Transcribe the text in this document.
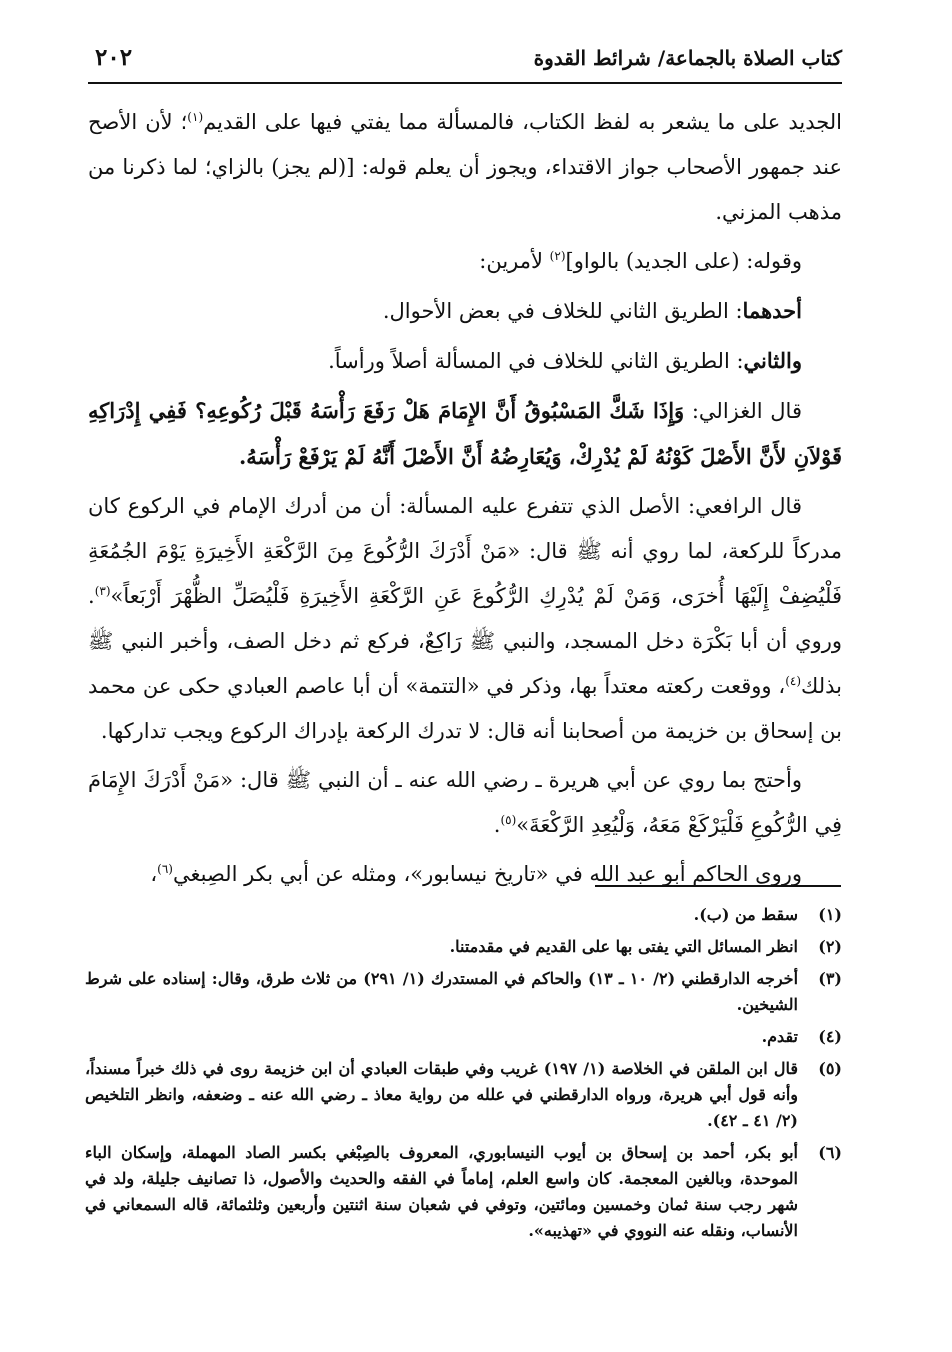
كتاب الصلاة بالجماعة/ شرائط القدوة
٢٠٢

الجديد على ما يشعر به لفظ الكتاب، فالمسألة مما يفتي فيها على القديم$^{(١)}$؛ لأن الأصح عند جمهور الأصحاب جواز الاقتداء، ويجوز أن يعلم قوله: [(لم يجز) بالزاي؛ لما ذكرنا من مذهب المزني.

وقوله: (على الجديد) بالواو]$^{(٢)}$ لأمرين:

أحدهما: الطريق الثاني للخلاف في بعض الأحوال.

والثاني: الطريق الثاني للخلاف في المسألة أصلاً ورأساً.

قال الغزالي: وَإِذَا شَكَّ المَسْبُوقُ أَنَّ الإِمَامَ هَلْ رَفَعَ رَأْسَهُ قَبْلَ رُكُوعِهِ؟ فَفِي إِدْرَاكِهِ قَوْلاَنِ لأَنَّ الأَصْلَ كَوْنُهُ لَمْ يُدْرِكْ، وَيُعَارِضُهُ أَنَّ الأَصْلَ أَنَّهُ لَمْ يَرْفَعْ رَأْسَهُ.

قال الرافعي: الأصل الذي تتفرع عليه المسألة: أن من أدرك الإمام في الركوع كان مدركاً للركعة، لما روي أنه ﷺ قال: «مَنْ أَدْرَكَ الرُّكُوعَ مِنَ الرَّكْعَةِ الأَخِيرَةِ يَوْمَ الجُمُعَةِ فَلْيُضِفْ إِلَيْهَا أُخرَى، وَمَنْ لَمْ يُدْرِكِ الرُّكُوعَ عَنِ الرَّكْعَةِ الأَخِيرَةِ فَلْيُصَلِّ الظُّهْرَ أَرْبَعاً»$^{(٣)}$. وروي أن أبا بَكْرَة دخل المسجد، والنبي ﷺ رَاكِعٌ، فركع ثم دخل الصف، وأخبر النبي ﷺ بذلك$^{(٤)}$، ووقعت ركعته معتداً بها، وذكر في «التتمة» أن أبا عاصم العبادي حكى عن محمد بن إسحاق بن خزيمة من أصحابنا أنه قال: لا تدرك الركعة بإدراك الركوع ويجب تداركها.

وأحتج بما روي عن أبي هريرة ـ رضي الله عنه ـ أن النبي ﷺ قال: «مَنْ أَدْرَكَ الإِمَامَ فِي الرُّكُوعِ فَلْيَرْكَعْ مَعَهُ، وَلْيُعِدِ الرَّكْعَةَ»$^{(٥)}$.

وروى الحاكم أبو عبد الله في «تاريخ نيسابور»، ومثله عن أبي بكر الصِبغي$^{(٦)}$،

(١)
سقط من (ب).
(٢)
انظر المسائل التي يفتى بها على القديم في مقدمتنا.
(٣)
أخرجه الدارقطني (٢/ ١٠ ـ ١٣) والحاكم في المستدرك (١/ ٢٩١) من ثلاث طرق، وقال: إسناده على شرط الشيخين.
(٤)
تقدم.
(٥)
قال ابن الملقن في الخلاصة (١/ ١٩٧) غريب وفي طبقات العبادي أن ابن خزيمة روى في ذلك خبراً مسنداً، وأنه قول أبي هريرة، ورواه الدارقطني في علله من رواية معاذ ـ رضي الله عنه ـ وضعفه، وانظر التلخيص (٢/ ٤١ ـ ٤٢).
(٦)
أبو بكر، أحمد بن إسحاق بن أيوب النيسابوري، المعروف بالصِبْغي بكسر الصاد المهملة، وإسكان الباء الموحدة، وبالغين المعجمة. كان واسع العلم، إماماً في الفقه والحديث والأصول، ذا تصانيف جليلة، ولد في شهر رجب سنة ثمان وخمسين ومائتين، وتوفي في شعبان سنة اثنتين وأربعين وثلثمائة، قاله السمعاني في الأنساب، ونقله عنه النووي في «تهذيبه».
